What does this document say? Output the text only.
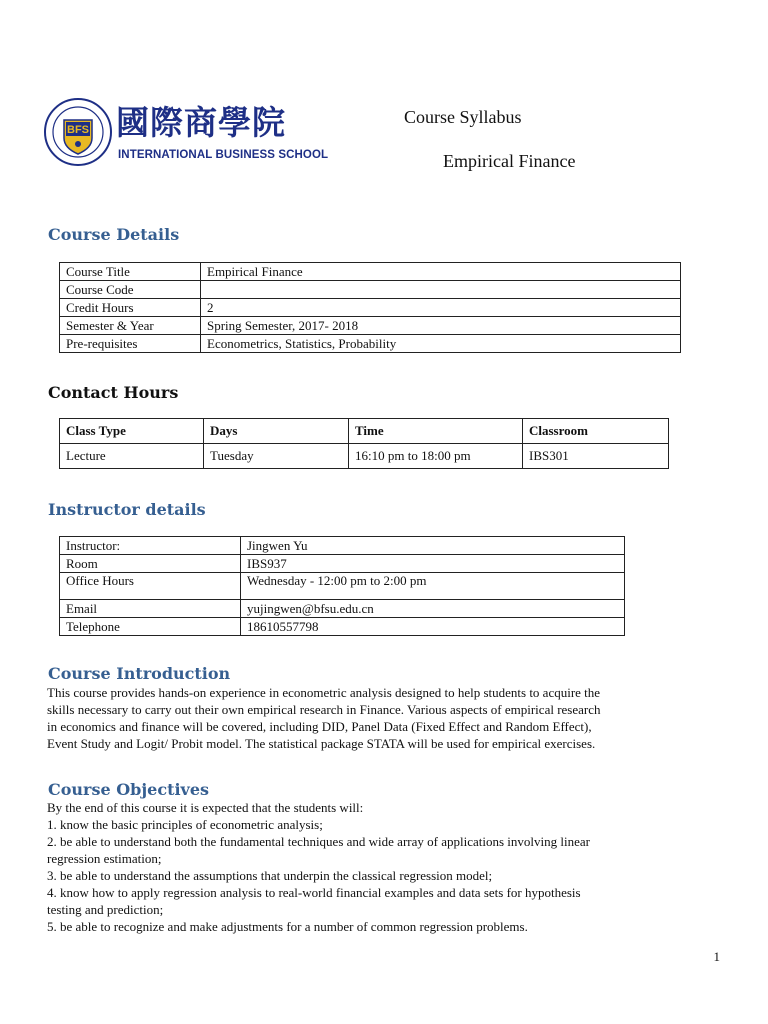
BFS 國際商學院
INTERNATIONAL BUSINESS SCHOOL
Course Syllabus
Empirical Finance
Course Details
Course Title	Empirical Finance
Course Code	
Credit Hours	2
Semester & Year	Spring Semester, 2017- 2018
Pre-requisites	Econometrics, Statistics, Probability
Contact Hours
Class Type	Days	Time	Classroom
Lecture	Tuesday	16:10 pm to 18:00 pm	IBS301
Instructor details
Instructor:	Jingwen Yu
Room	IBS937
Office Hours	Wednesday - 12:00 pm to 2:00 pm
Email	yujingwen@bfsu.edu.cn
Telephone	18610557798
Course Introduction
This course provides hands-on experience in econometric analysis designed to help students to acquire the
skills necessary to carry out their own empirical research in Finance. Various aspects of empirical research
in economics and finance will be covered, including DID, Panel Data (Fixed Effect and Random Effect),
Event Study and Logit/ Probit model. The statistical package STATA will be used for empirical exercises.
Course Objectives
By the end of this course it is expected that the students will:
1. know the basic principles of econometric analysis;
2. be able to understand both the fundamental techniques and wide array of applications involving linear
regression estimation;
3. be able to understand the assumptions that underpin the classical regression model;
4. know how to apply regression analysis to real-world financial examples and data sets for hypothesis
testing and prediction;
5. be able to recognize and make adjustments for a number of common regression problems.
1
